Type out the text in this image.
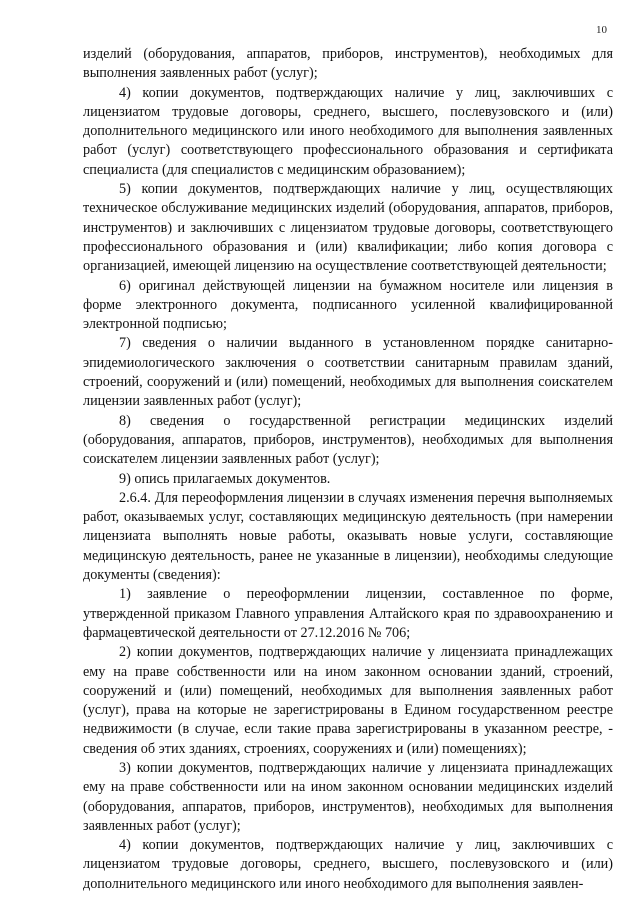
10

изделий (оборудования, аппаратов, приборов, инструментов), необходимых для выполнения заявленных работ (услуг);

4) копии документов, подтверждающих наличие у лиц, заключивших с лицензиатом трудовые договоры, среднего, высшего, послевузовского и (или) дополнительного медицинского или иного необходимого для выполнения заявленных работ (услуг) соответствующего профессионального образования и сертификата специалиста (для специалистов с медицинским образованием);

5) копии документов, подтверждающих наличие у лиц, осуществляющих техническое обслуживание медицинских изделий (оборудования, аппаратов, приборов, инструментов) и заключивших с лицензиатом трудовые договоры, соответствующего профессионального образования и (или) квалификации; либо копия договора с организацией, имеющей лицензию на осуществление соответствующей деятельности;

6) оригинал действующей лицензии на бумажном носителе или лицензия в форме электронного документа, подписанного усиленной квалифицированной электронной подписью;

7) сведения о наличии выданного в установленном порядке санитарно-эпидемиологического заключения о соответствии санитарным правилам зданий, строений, сооружений и (или) помещений, необходимых для выполнения соискателем лицензии заявленных работ (услуг);

8) сведения о государственной регистрации медицинских изделий (оборудования, аппаратов, приборов, инструментов), необходимых для выполнения соискателем лицензии заявленных работ (услуг);

9) опись прилагаемых документов.

2.6.4. Для переоформления лицензии в случаях изменения перечня выполняемых работ, оказываемых услуг, составляющих медицинскую деятельность (при намерении лицензиата выполнять новые работы, оказывать новые услуги, составляющие медицинскую деятельность, ранее не указанные в лицензии), необходимы следующие документы (сведения):

1) заявление о переоформлении лицензии, составленное по форме, утвержденной приказом Главного управления Алтайского края по здравоохранению и фармацевтической деятельности от 27.12.2016 № 706;

2) копии документов, подтверждающих наличие у лицензиата принадлежащих ему на праве собственности или на ином законном основании зданий, строений, сооружений и (или) помещений, необходимых для выполнения заявленных работ (услуг), права на которые не зарегистрированы в Едином государственном реестре недвижимости (в случае, если такие права зарегистрированы в указанном реестре, - сведения об этих зданиях, строениях, сооружениях и (или) помещениях);

3) копии документов, подтверждающих наличие у лицензиата принадлежащих ему на праве собственности или на ином законном основании медицинских изделий (оборудования, аппаратов, приборов, инструментов), необходимых для выполнения заявленных работ (услуг);

4) копии документов, подтверждающих наличие у лиц, заключивших с лицензиатом трудовые договоры, среднего, высшего, послевузовского и (или) дополнительного медицинского или иного необходимого для выполнения заявлен-
